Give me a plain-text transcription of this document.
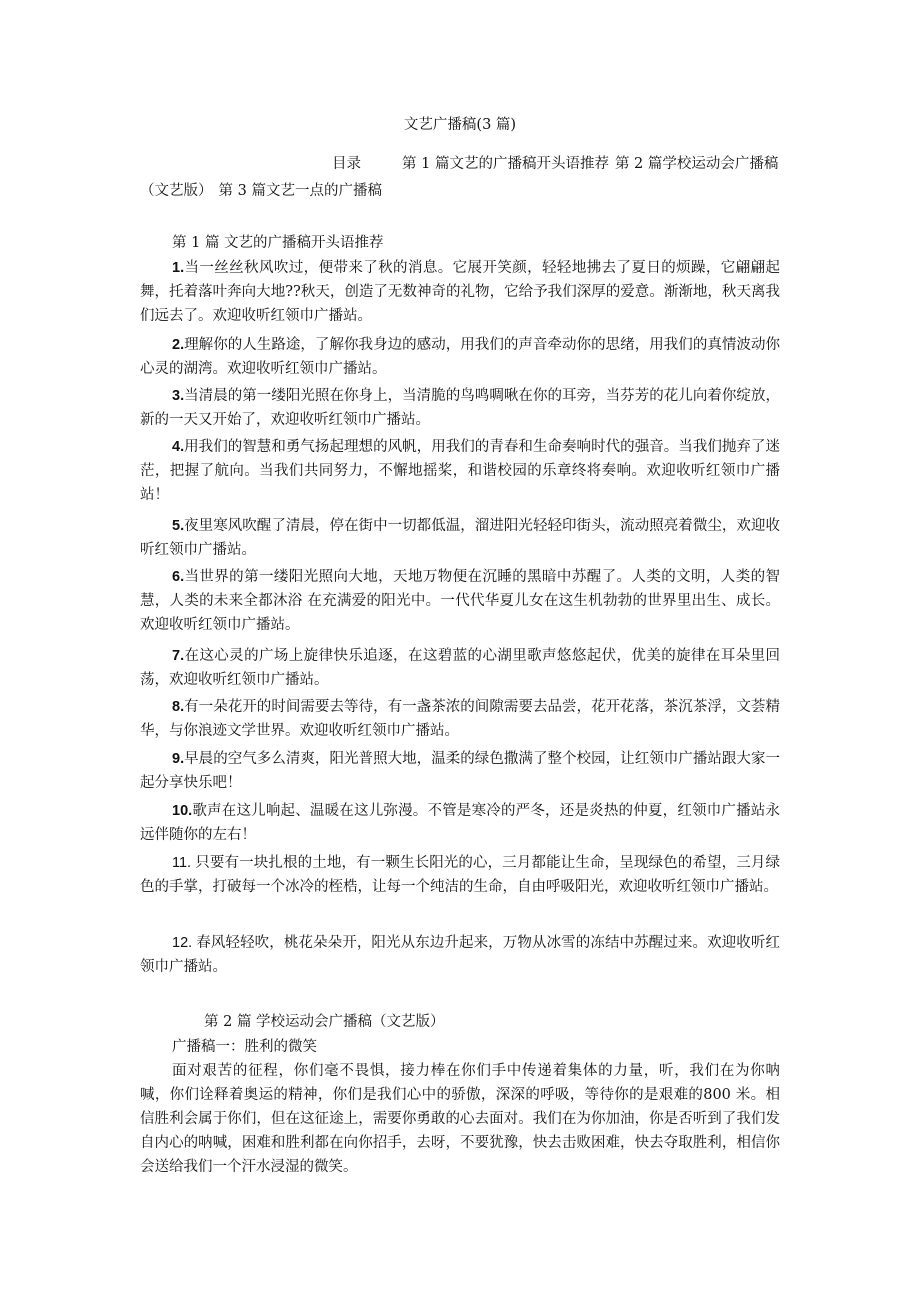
文艺广播稿(3 篇)

目录	第 1 篇文艺的广播稿开头语推荐 第 2 篇学校运动会广播稿（文艺版） 第 3 篇文艺一点的广播稿

第 1 篇 文艺的广播稿开头语推荐

1.当一丝丝秋风吹过，便带来了秋的消息。它展开笑颜，轻轻地拂去了夏日的烦躁，它翩翩起舞，托着落叶奔向大地??秋天，创造了无数神奇的礼物，它给予我们深厚的爱意。渐渐地，秋天离我们远去了。欢迎收听红领巾广播站。

2.理解你的人生路途，了解你我身边的感动，用我们的声音牵动你的思绪，用我们的真情波动你心灵的湖湾。欢迎收听红领巾广播站。

3.当清晨的第一缕阳光照在你身上，当清脆的鸟鸣啁啾在你的耳旁，当芬芳的花儿向着你绽放，新的一天又开始了，欢迎收听红领巾广播站。

4.用我们的智慧和勇气扬起理想的风帆，用我们的青春和生命奏响时代的强音。当我们抛弃了迷茫，把握了航向。当我们共同努力，不懈地摇桨，和谐校园的乐章终将奏响。欢迎收听红领巾广播站！

5.夜里寒风吹醒了清晨，停在街中一切都低温，溜进阳光轻轻印街头，流动照亮着微尘，欢迎收听红领巾广播站。

6.当世界的第一缕阳光照向大地，天地万物便在沉睡的黑暗中苏醒了。人类的文明，人类的智慧，人类的未来全都沐浴 在充满爱的阳光中。一代代华夏儿女在这生机勃勃的世界里出生、成长。欢迎收听红领巾广播站。

7.在这心灵的广场上旋律快乐追逐，在这碧蓝的心湖里歌声悠悠起伏，优美的旋律在耳朵里回荡，欢迎收听红领巾广播站。

8.有一朵花开的时间需要去等待，有一盏茶浓的间隙需要去品尝，花开花落，茶沉茶浮，文荟精华，与你浪迹文学世界。欢迎收听红领巾广播站。

9.早晨的空气多么清爽，阳光普照大地，温柔的绿色撒满了整个校园，让红领巾广播站跟大家一起分享快乐吧！

10.歌声在这儿响起、温暖在这儿弥漫。不管是寒冷的严冬，还是炎热的仲夏，红领巾广播站永远伴随你的左右！

11. 只要有一块扎根的土地，有一颗生长阳光的心，三月都能让生命，呈现绿色的希望，三月绿色的手掌，打破每一个冰冷的桎梏，让每一个纯洁的生命，自由呼吸阳光，欢迎收听红领巾广播站。

12. 春风轻轻吹，桃花朵朵开，阳光从东边升起来，万物从冰雪的冻结中苏醒过来。欢迎收听红领巾广播站。

第 2 篇 学校运动会广播稿（文艺版）

广播稿一：胜利的微笑

面对艰苦的征程，你们毫不畏惧，接力棒在你们手中传递着集体的力量，听，我们在为你呐喊，你们诠释着奥运的精神，你们是我们心中的骄傲，深深的呼吸，等待你的是艰难的800 米。相信胜利会属于你们，但在这征途上，需要你勇敢的心去面对。我们在为你加油，你是否听到了我们发自内心的呐喊，困难和胜利都在向你招手，去呀，不要犹豫，快去击败困难，快去夺取胜利，相信你会送给我们一个汗水浸湿的微笑。
